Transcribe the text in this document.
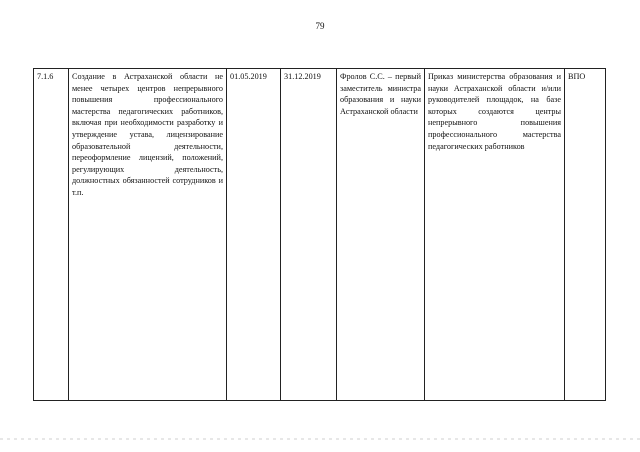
79
7.1.6	Создание в Астраханской области не менее четырех центров непрерывного повышения профессионального мастерства педагогических работников, включая при необходимости разработку и утверждение устава, лицензирование образовательной деятельности, переоформление лицензий, положений, регулирующих деятельность, должностных обязанностей сотрудников и т.п.	01.05.2019	31.12.2019	Фролов С.С. – первый заместитель министра образования и науки Астраханской области	Приказ министерства образования и науки Астраханской области и/или руководителей площадок, на базе которых создаются центры непрерывного повышения профессионального мастерства педагогических работников	ВПО
